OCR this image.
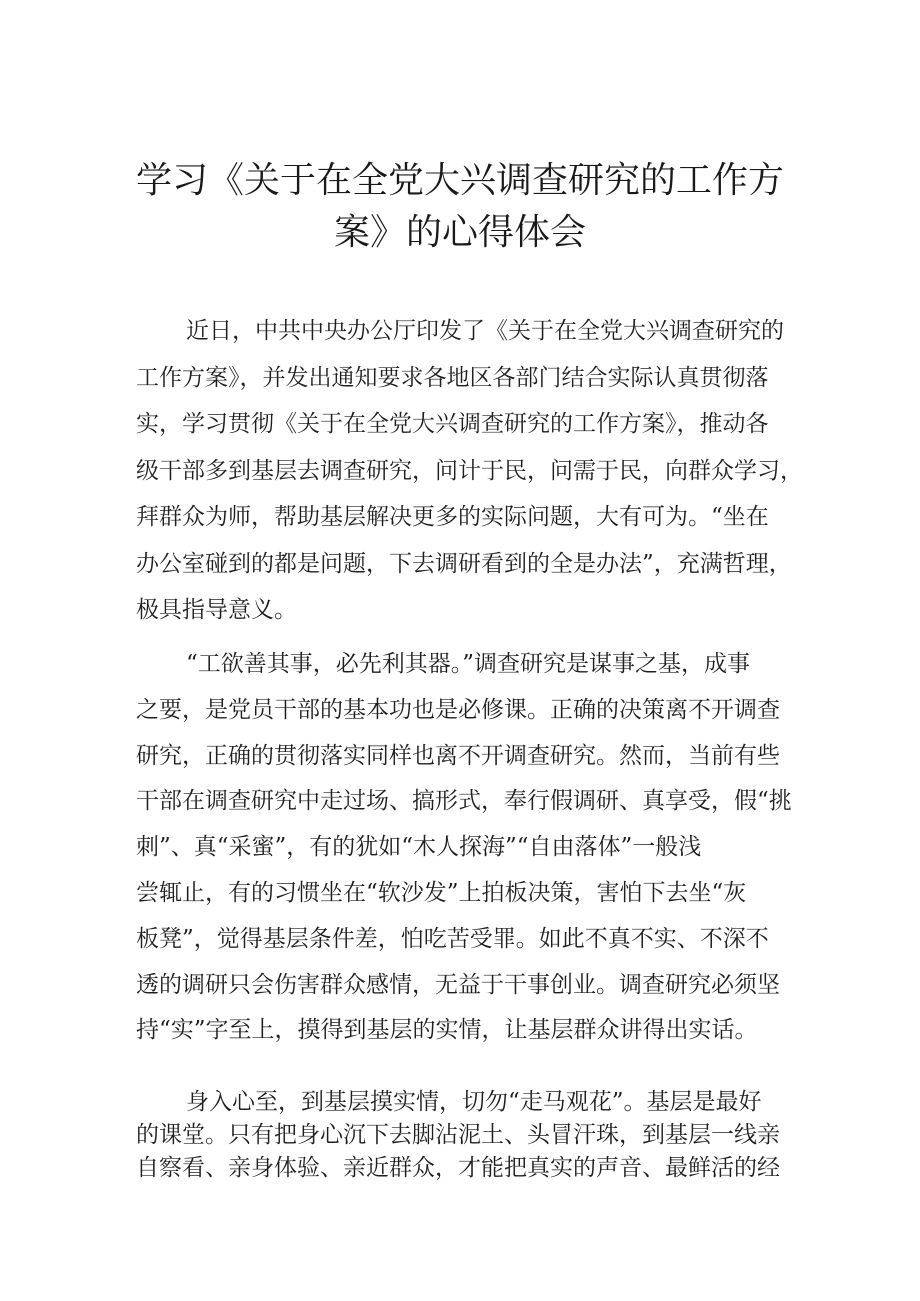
学习《关于在全党大兴调查研究的工作方
案》的心得体会
近日，中共中央办公厅印发了《关于在全党大兴调查研究的
工作方案》，并发出通知要求各地区各部门结合实际认真贯彻落
实，学习贯彻《关于在全党大兴调查研究的工作方案》，推动各
级干部多到基层去调查研究，问计于民，问需于民，向群众学习，
拜群众为师，帮助基层解决更多的实际问题，大有可为。“坐在
办公室碰到的都是问题，下去调研看到的全是办法”，充满哲理，
极具指导意义。
“工欲善其事，必先利其器。”调查研究是谋事之基，成事
之要，是党员干部的基本功也是必修课。正确的决策离不开调查
研究，正确的贯彻落实同样也离不开调查研究。然而，当前有些
干部在调查研究中走过场、搞形式，奉行假调研、真享受，假“挑
刺”、真“采蜜”，有的犹如“木人探海”“自由落体”一般浅
尝辄止，有的习惯坐在“软沙发”上拍板决策，害怕下去坐“灰
板凳”，觉得基层条件差，怕吃苦受罪。如此不真不实、不深不
透的调研只会伤害群众感情，无益于干事创业。调查研究必须坚
持“实”字至上，摸得到基层的实情，让基层群众讲得出实话。
身入心至，到基层摸实情，切勿“走马观花”。基层是最好
的课堂。只有把身心沉下去脚沾泥土、头冒汗珠，到基层一线亲
自察看、亲身体验、亲近群众，才能把真实的声音、最鲜活的经
